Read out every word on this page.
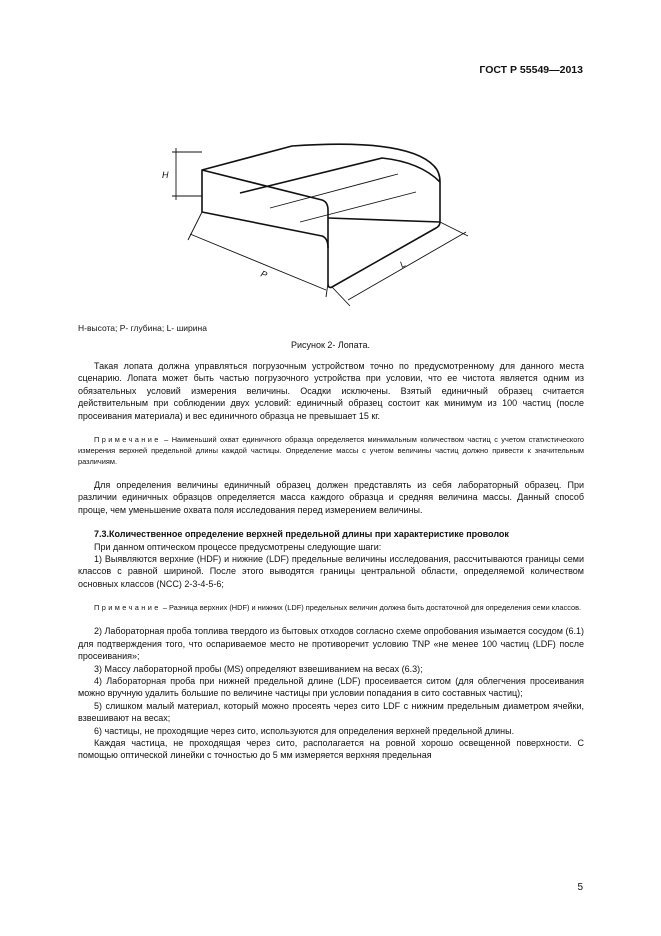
ГОСТ Р 55549—2013
H
P
L
H-высота; P- глубина; L- ширина
Рисунок 2- Лопата.

Такая лопата должна управляться погрузочным устройством точно по предусмотренному для данного места сценарию. Лопата может быть частью погрузочного устройства при условии, что ее чистота является одним из обязательных условий измерения величины. Осадки исключены. Взятый единичный образец считается действительным при соблюдении двух условий: единичный образец состоит как минимум из 100 частиц (после просеивания материала) и вес единичного образца не превышает 15 кг.

Примечание – Наименьший охват единичного образца определяется минимальным количеством частиц с учетом статистического измерения верхней предельной длины каждой частицы. Определение массы с учетом величины частиц должно привести к значительным различиям.

Для определения величины единичный образец должен представлять из себя лабораторный образец. При различии единичных образцов определяется масса каждого образца и средняя величина массы. Данный способ проще, чем уменьшение охвата поля исследования перед измерением величины.

7.3.Количественное определение верхней предельной длины при характеристике проволок

При данном оптическом процессе предусмотрены следующие шаги:

1) Выявляются верхние (HDF) и нижние (LDF) предельные величины исследования, рассчитываются границы семи классов с равной шириной. После этого выводятся границы центральной области, определяемой количеством основных классов (NCC) 2-3-4-5-6;

Примечание – Разница верхних (HDF) и нижних (LDF) предельных величин должна быть достаточной для определения семи классов.

2) Лабораторная проба топлива твердого из бытовых отходов согласно схеме опробования изымается сосудом (6.1) для подтверждения того, что оспариваемое место не противоречит условию TNP «не менее 100 частиц (LDF) после просеивания»;

3) Массу лабораторной пробы (MS) определяют взвешиванием на весах (6.3);

4) Лабораторная проба при нижней предельной длине (LDF) просеивается ситом (для облегчения просеивания можно вручную удалить большие по величине частицы при условии попадания в сито составных частиц);

5) слишком малый материал, который можно просеять через сито LDF с нижним предельным диаметром ячейки, взвешивают на весах;

6) частицы, не проходящие через сито, используются для определения верхней предельной длины.

Каждая частица, не проходящая через сито, располагается на ровной хорошо освещенной поверхности. С помощью оптической линейки с точностью до 5 мм измеряется верхняя предельная

5
